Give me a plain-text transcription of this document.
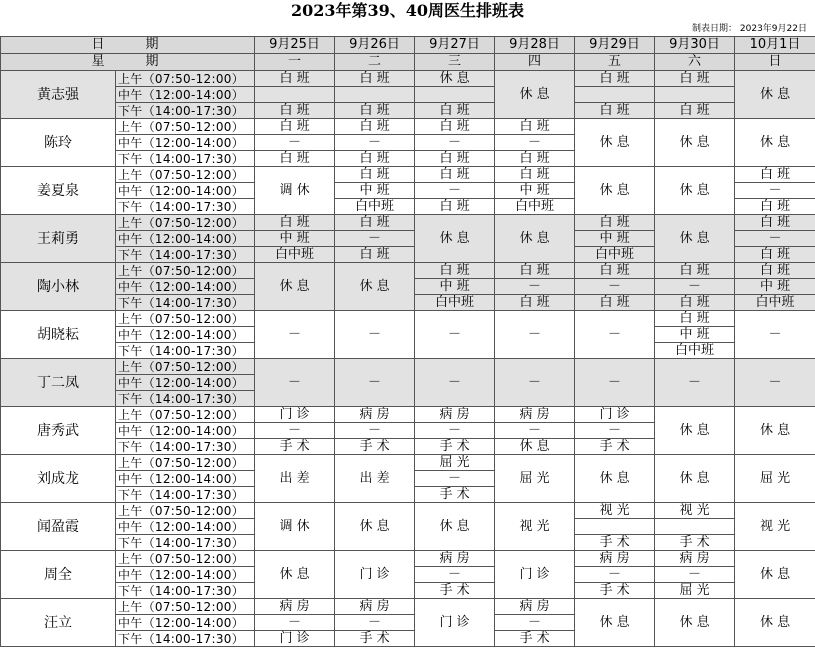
2023年第39、40周医生排班表
制表日期： 2023年9月22日
日　　期		9月25日	9月26日	9月27日	9月28日	9月29日	9月30日	10月1日
星　　期		一	二	三	四	五	六	日
黄志强	上午（07:50-12:00）	白 班	白 班	休 息	休 息	白 班	白 班	休 息
	中午（12:00-14:00）							
	下午（14:00-17:30）	白 班	白 班	白 班		白 班	白 班	
陈玲	上午（07:50-12:00）	白 班	白 班	白 班	白 班	休 息	休 息	休 息
	中午（12:00-14:00）	－	－	－	－			
	下午（14:00-17:30）	白 班	白 班	白 班	白 班			
姜夏泉	上午（07:50-12:00）	调 休	白 班	白 班	白 班	休 息	休 息	白 班
	中午（12:00-14:00）		中 班	－	中 班			－
	下午（14:00-17:30）		白中班	白 班	白中班			白 班
王莉勇	上午（07:50-12:00）	白 班	白 班	休 息	休 息	白 班	休 息	白 班
	中午（12:00-14:00）	中 班	－			中 班		－
	下午（14:00-17:30）	白中班	白 班			白中班		白 班
陶小林	上午（07:50-12:00）	休 息	休 息	白 班	白 班	白 班	白 班	白 班
	中午（12:00-14:00）			中 班	－	－	－	中 班
	下午（14:00-17:30）			白中班	白 班	白 班	白 班	白中班
胡晓耘	上午（07:50-12:00）	－	－	－	－	－	白 班	－
	中午（12:00-14:00）						中 班	
	下午（14:00-17:30）						白中班	
丁二凤	上午（07:50-12:00）	－	－	－	－	－	－	－
	中午（12:00-14:00）							
	下午（14:00-17:30）							
唐秀武	上午（07:50-12:00）	门 诊	病 房	病 房	病 房	门 诊	休 息	休 息
	中午（12:00-14:00）	－	－	－	－	－		
	下午（14:00-17:30）	手 术	手 术	手 术	休 息	手 术		
刘成龙	上午（07:50-12:00）	出 差	出 差	屈 光	屈 光	休 息	休 息	屈 光
	中午（12:00-14:00）			－				
	下午（14:00-17:30）			手 术				
闻盈霞	上午（07:50-12:00）	调 休	休 息	休 息	视 光	视 光	视 光	视 光
	中午（12:00-14:00）							
	下午（14:00-17:30）					手 术	手 术	
周全	上午（07:50-12:00）	休 息	门 诊	病 房	门 诊	病 房	病 房	休 息
	中午（12:00-14:00）			－		－	－	
	下午（14:00-17:30）			手 术		手 术	屈 光	
汪立	上午（07:50-12:00）	病 房	病 房	门 诊	病 房	休 息	休 息	休 息
	中午（12:00-14:00）	－	－		－			
	下午（14:00-17:30）	门 诊	手 术		手 术			
